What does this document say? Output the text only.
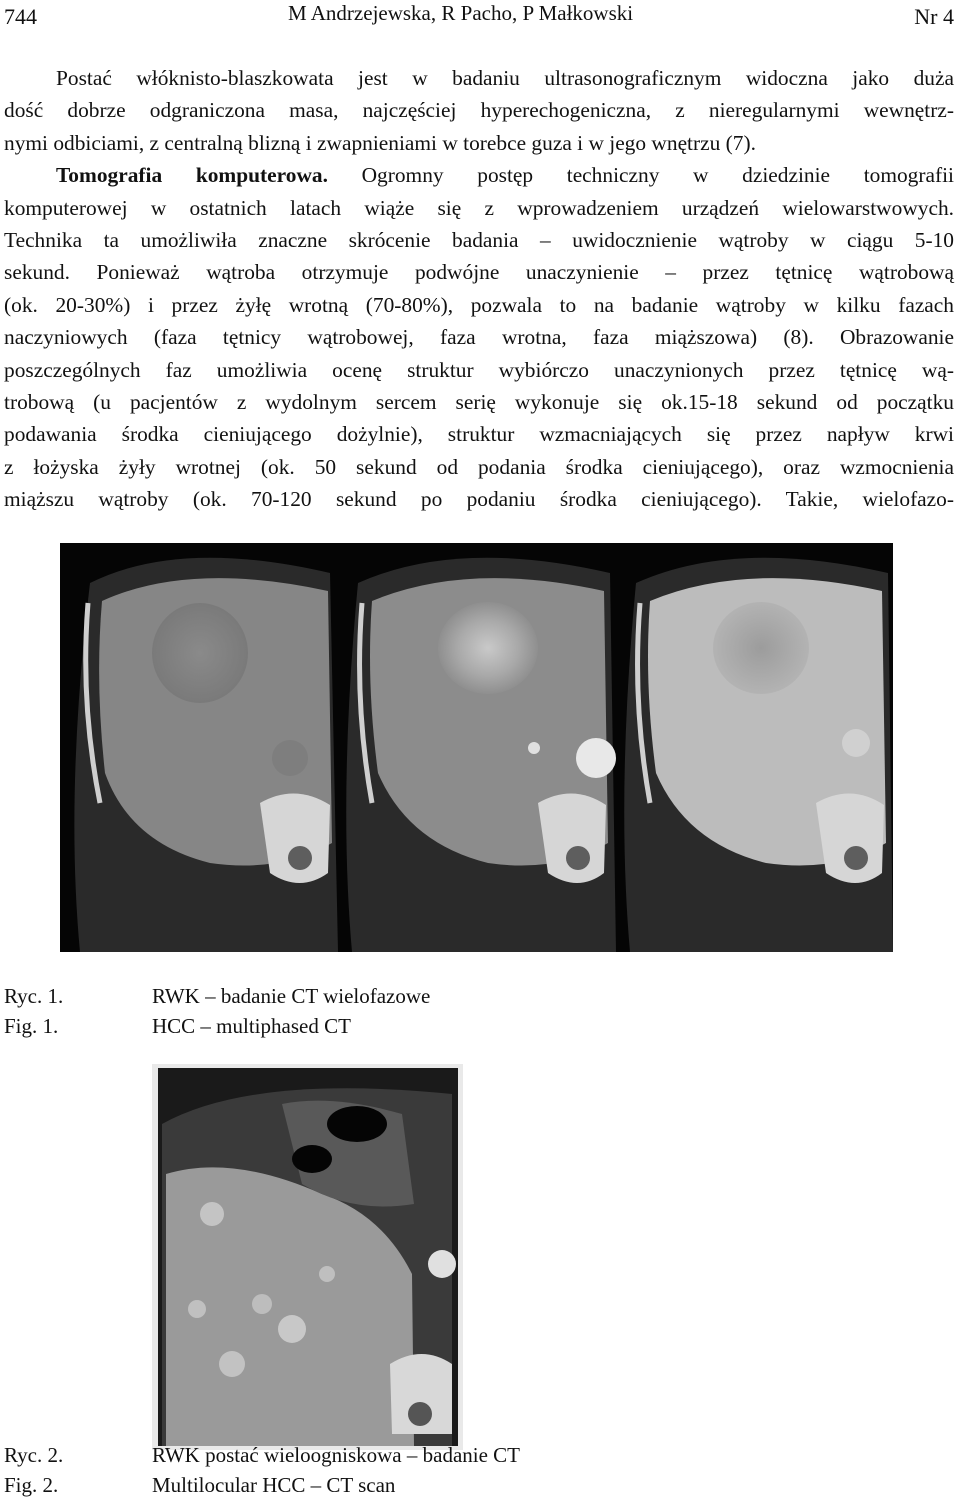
744	M Andrzejewska, R Pacho, P Małkowski	Nr 4
Postać włóknisto-blaszkowata jest w badaniu ultrasonograficznym widoczna jako duża
dość dobrze odgraniczona masa, najczęściej hyperechogeniczna, z nieregularnymi wewnętrz-
nymi odbiciami, z centralną blizną i zwapnieniami w torebce guza i w jego wnętrzu (7).
Tomografia komputerowa. Ogromny postęp techniczny w dziedzinie tomografii
komputerowej w ostatnich latach wiąże się z wprowadzeniem urządzeń wielowarstwowych.
Technika ta umożliwiła znaczne skrócenie badania – uwidocznienie wątroby w ciągu 5-10
sekund. Ponieważ wątroba otrzymuje podwójne unaczynienie – przez tętnicę wątrobową
(ok. 20-30%) i przez żyłę wrotną (70-80%), pozwala to na badanie wątroby w kilku fazach
naczyniowych (faza tętnicy wątrobowej, faza wrotna, faza miąższowa) (8). Obrazowanie
poszczególnych faz umożliwia ocenę struktur wybiórczo unaczynionych przez tętnicę wą-
trobową (u pacjentów z wydolnym sercem serię wykonuje się ok.15-18 sekund od początku
podawania środka cieniującego dożylnie), struktur wzmacniających się przez napływ krwi
z łożyska żyły wrotnej (ok. 50 sekund od podania środka cieniującego), oraz wzmocnienia
miąższu wątroby (ok. 70-120 sekund po podaniu środka cieniującego). Takie, wielofazo-
Ryc. 1.	RWK – badanie CT wielofazowe
Fig. 1.	HCC – multiphased CT
Ryc. 2.	RWK postać wieloogniskowa – badanie CT
Fig. 2.	Multilocular HCC – CT scan
